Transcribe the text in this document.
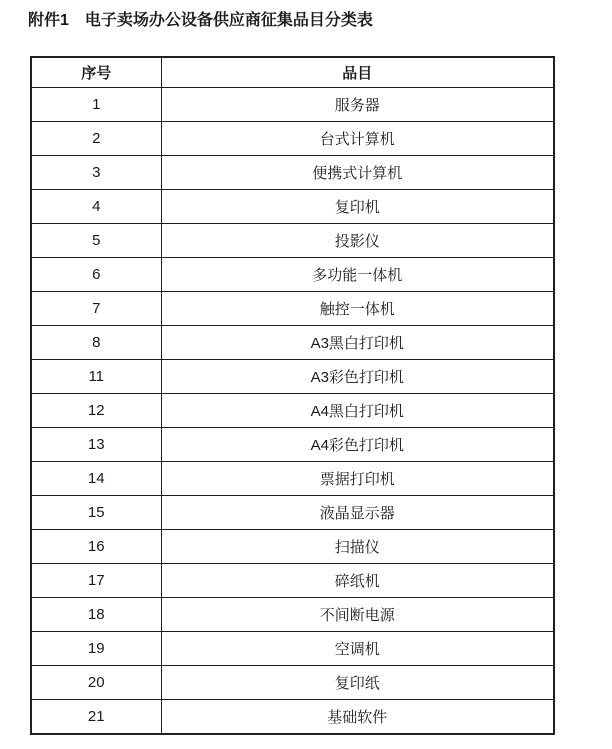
附件1　电子卖场办公设备供应商征集品目分类表
序号	品目
1	服务器
2	台式计算机
3	便携式计算机
4	复印机
5	投影仪
6	多功能一体机
7	触控一体机
8	A3黑白打印机
11	A3彩色打印机
12	A4黑白打印机
13	A4彩色打印机
14	票据打印机
15	液晶显示器
16	扫描仪
17	碎纸机
18	不间断电源
19	空调机
20	复印纸
21	基础软件
